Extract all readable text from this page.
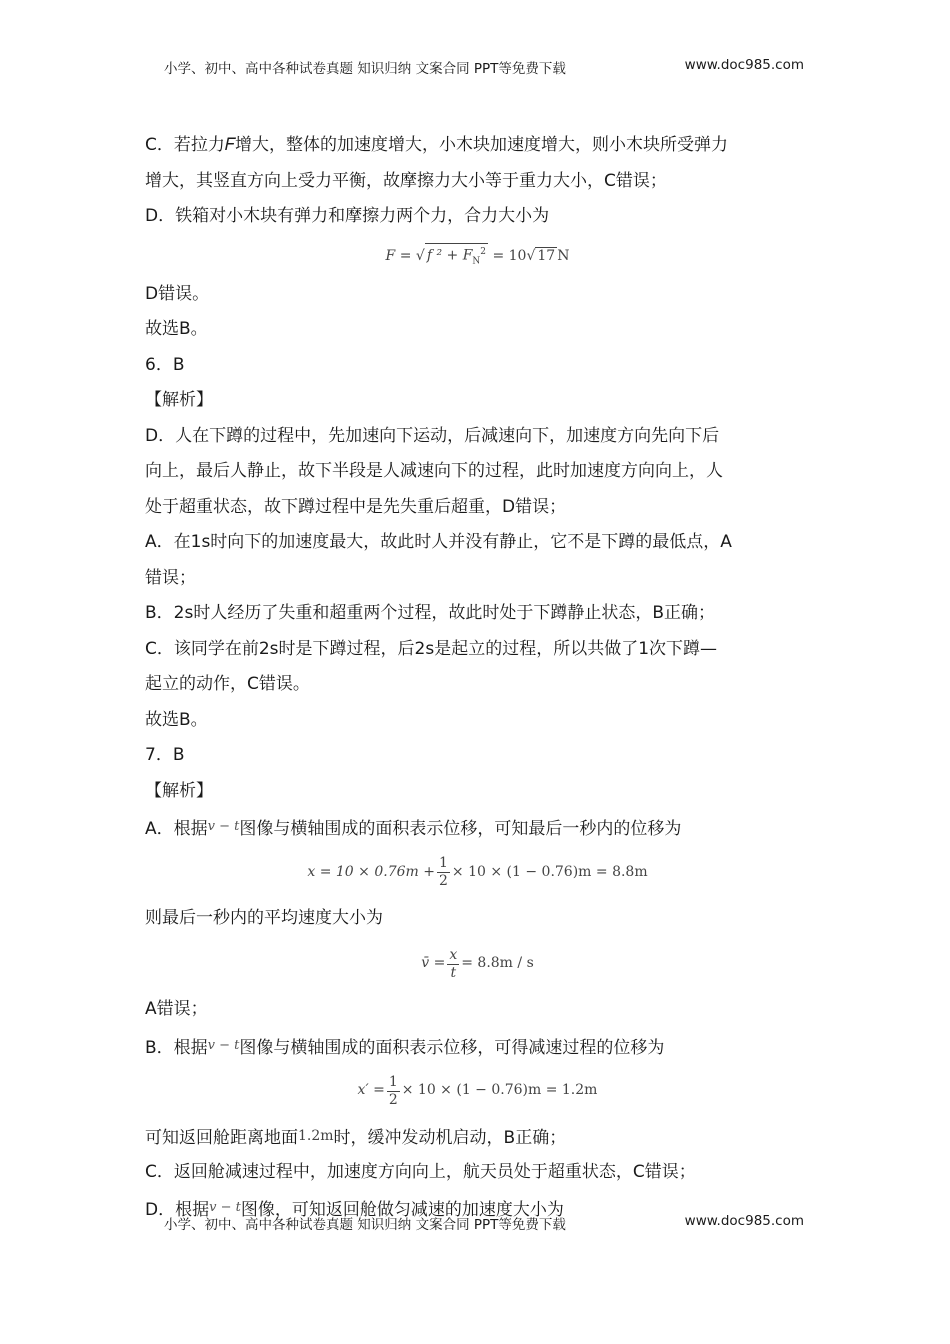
小学、初中、高中各种试卷真题 知识归纳 文案合同 PPT等免费下载	www.doc985.com
C．若拉力𝐹增大，整体的加速度增大，小木块加速度增大，则小木块所受弹力
增大，其竖直方向上受力平衡，故摩擦力大小等于重力大小，C错误；
D．铁箱对小木块有弹力和摩擦力两个力，合力大小为
F = √ f $^2 + F_N^2 = 10√$ 17 N
D错误。
故选B。
6．B
【解析】
D．人在下蹲的过程中，先加速向下运动，后减速向下，加速度方向先向下后
向上，最后人静止，故下半段是人减速向下的过程，此时加速度方向向上，人
处于超重状态，故下蹲过程中是先失重后超重，D错误；
A．在1s时向下的加速度最大，故此时人并没有静止，它不是下蹲的最低点，A
错误；
B．2s时人经历了失重和超重两个过程，故此时处于下蹲静止状态，B正确；
C．该同学在前2s时是下蹲过程，后2s是起立的过程，所以共做了1次下蹲—
起立的动作，C错误。
故选B。
7．B
【解析】
A．根据$^{v - t}$图像与横轴围成的面积表示位移，可知最后一秒内的位移为
$x = 10 \times 0.76m + \frac{1}{2} \times 10 \times (1 - 0.76)m = 8.8m$
则最后一秒内的平均速度大小为
v̄ = $\frac{x}{t} = 8.8m / s$
A错误；
B．根据$^{v - t}$图像与横轴围成的面积表示位移，可得减速过程的位移为
$x' = \frac{1}{2} \times 10 \times (1 - 0.76)m = 1.2m$
可知返回舱距离地面1.2m时，缓冲发动机启动，B正确；
C．返回舱减速过程中，加速度方向向上，航天员处于超重状态，C错误；
D．根据$^{v - t}$图像，可知返回舱做匀减速的加速度大小为
小学、初中、高中各种试卷真题 知识归纳 文案合同 PPT等免费下载	www.doc985.com
